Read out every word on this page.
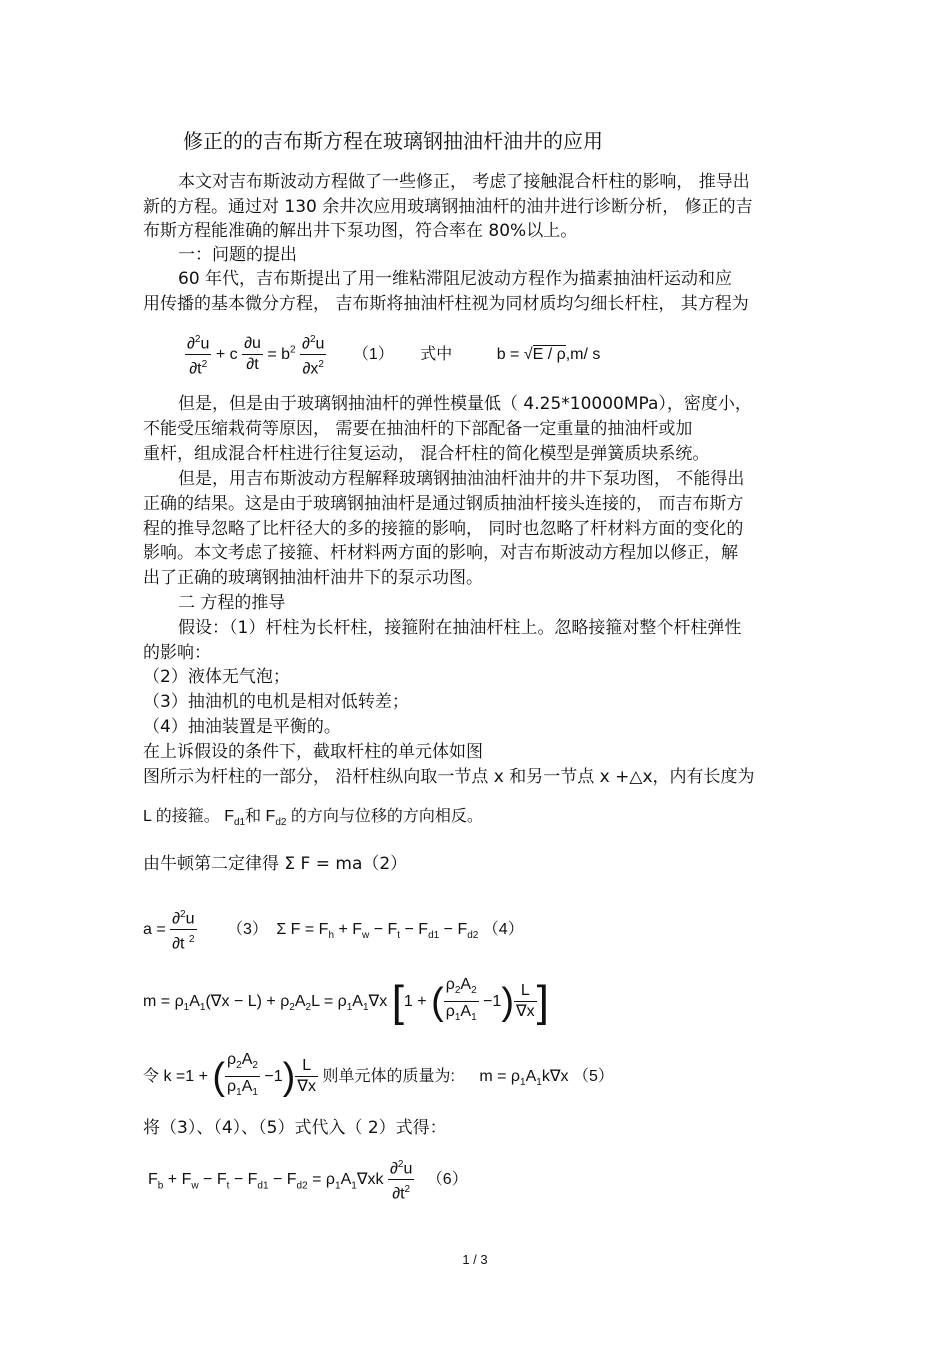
修正的的吉布斯方程在玻璃钢抽油杆油井的应用
本文对吉布斯波动方程做了一些修正， 考虑了接触混合杆柱的影响， 推导出
新的方程。通过对 130 余井次应用玻璃钢抽油杆的油井进行诊断分析， 修正的吉
布斯方程能准确的解出井下泵功图，符合率在 80%以上。
一：问题的提出
60 年代，吉布斯提出了用一维粘滞阻尼波动方程作为描素抽油杆运动和应
用传播的基本微分方程， 吉布斯将抽油杆柱视为同材质均匀细长杆柱， 其方程为
但是，但是由于玻璃钢抽油杆的弹性模量低（ 4.25*10000MPa），密度小，
不能受压缩栽荷等原因， 需要在抽油杆的下部配备一定重量的抽油杆或加
重杆，组成混合杆柱进行往复运动， 混合杆柱的简化模型是弹簧质块系统。
但是，用吉布斯波动方程解释玻璃钢抽油油杆油井的井下泵功图， 不能得出
正确的结果。这是由于玻璃钢抽油杆是通过钢质抽油杆接头连接的， 而吉布斯方
程的推导忽略了比杆径大的多的接箍的影响， 同时也忽略了杆材料方面的变化的
影响。本文考虑了接箍、杆材料两方面的影响，对吉布斯波动方程加以修正，解
出了正确的玻璃钢抽油杆油井下的泵示功图。
二 方程的推导
假设：（1）杆柱为长杆柱，接箍附在抽油杆柱上。忽略接箍对整个杆柱弹性
的影响：
（2）液体无气泡；
（3）抽油机的电机是相对低转差；
（4）抽油装置是平衡的。
在上诉假设的条件下，截取杆柱的单元体如图
图所示为杆柱的一部分， 沿杆柱纵向取一节点 x 和另一节点 x +△x，内有长度为
由牛顿第二定律得 Σ F = ma（2）
将（3）、（4）、（5）式代入（ 2）式得：
$\frac{\partial^2u}{\partial t^2} + c \frac{\partial u}{\partial t} = b^2 \frac{\partial^2u}{\partial x^2} (1)$ 式中	b = √E / ρ,m/ s
L 的接箍。 $F_{d1}$和 $F_{d2}$ 的方向与位移的方向相反。
$a = \frac{\partial^2u}{\partial t ^2} (3)$ Σ $F = F_h + F_w - F_t - F_{d1} - F_{d2}$ （4）
$m = \rho_1A_1(\nabla x - L) + \rho_2A_2L = \rho_1A_1\nabla x$ [1 + ( $\frac{\rho_2A_2}{\rho_1A_1} -1) \frac{L}{\nabla x}$ ]
令 k =1 + ( $\frac{\rho_2A_2}{\rho_1A_1} -1) \frac{L}{\nabla x}$ 则单元体的质量为: $m = \rho_1A_1k\nabla x$ （5）
$F_b + F_w - F_t - F_{d1} - F_{d2} = \rho_1A_1\nabla xk \frac{\partial^2u}{\partial t^2} (6)$
1 / 3
